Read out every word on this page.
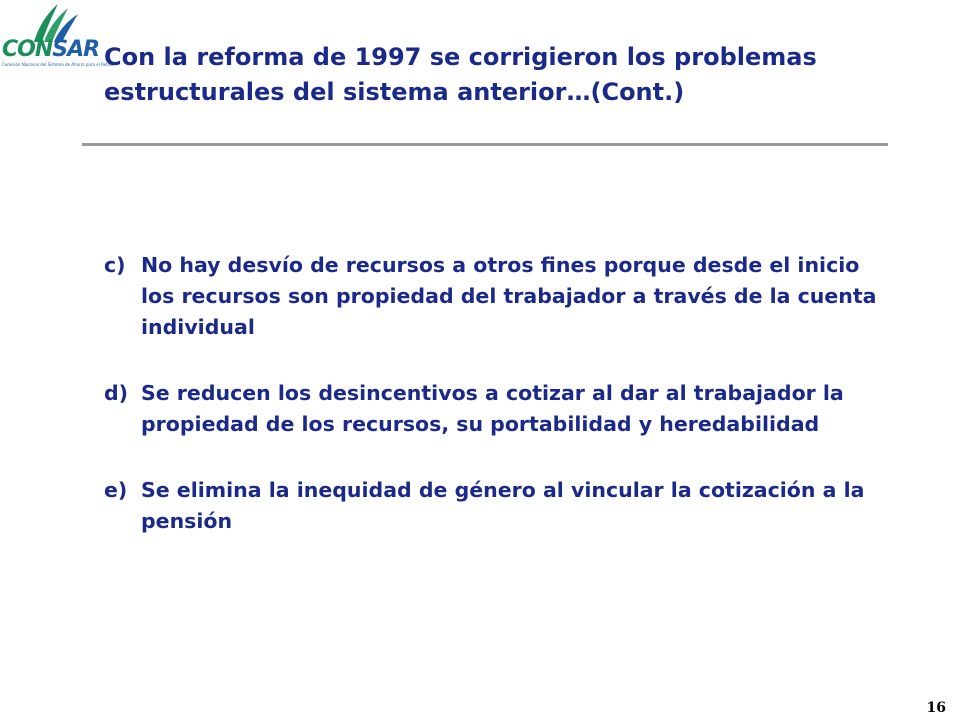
CONSAR
Comisión Nacional del Sistema de Ahorro para el Retiro
Con la reforma de 1997 se corrigieron los problemas
estructurales del sistema anterior…(Cont.)
c) No hay desvío de recursos a otros fines porque desde el inicio los recursos son propiedad del trabajador a través de la cuenta individual
d) Se reducen los desincentivos a cotizar al dar al trabajador la propiedad de los recursos, su portabilidad y heredabilidad
e) Se elimina la inequidad de género al vincular la cotización a la pensión
16
